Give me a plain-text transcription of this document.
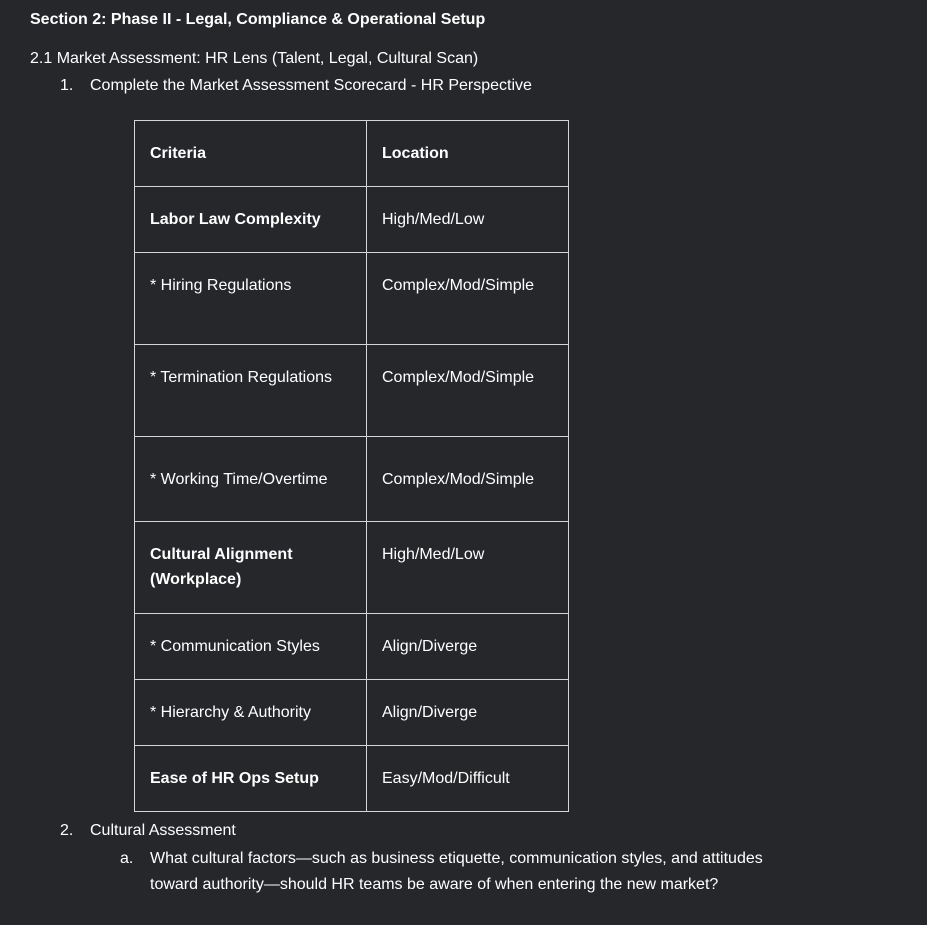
Section 2: Phase II - Legal, Compliance & Operational Setup
2.1 Market Assessment: HR Lens (Talent, Legal, Cultural Scan)
1. Complete the Market Assessment Scorecard - HR Perspective
Criteria	Location
Labor Law Complexity	High/Med/Low
* Hiring Regulations	Complex/Mod/Simple
* Termination Regulations	Complex/Mod/Simple
* Working Time/Overtime	Complex/Mod/Simple
Cultural Alignment (Workplace)	High/Med/Low
* Communication Styles	Align/Diverge
* Hierarchy & Authority	Align/Diverge
Ease of HR Ops Setup	Easy/Mod/Difficult
2. Cultural Assessment
a. What cultural factors—such as business etiquette, communication styles, and attitudes toward authority—should HR teams be aware of when entering the new market?
